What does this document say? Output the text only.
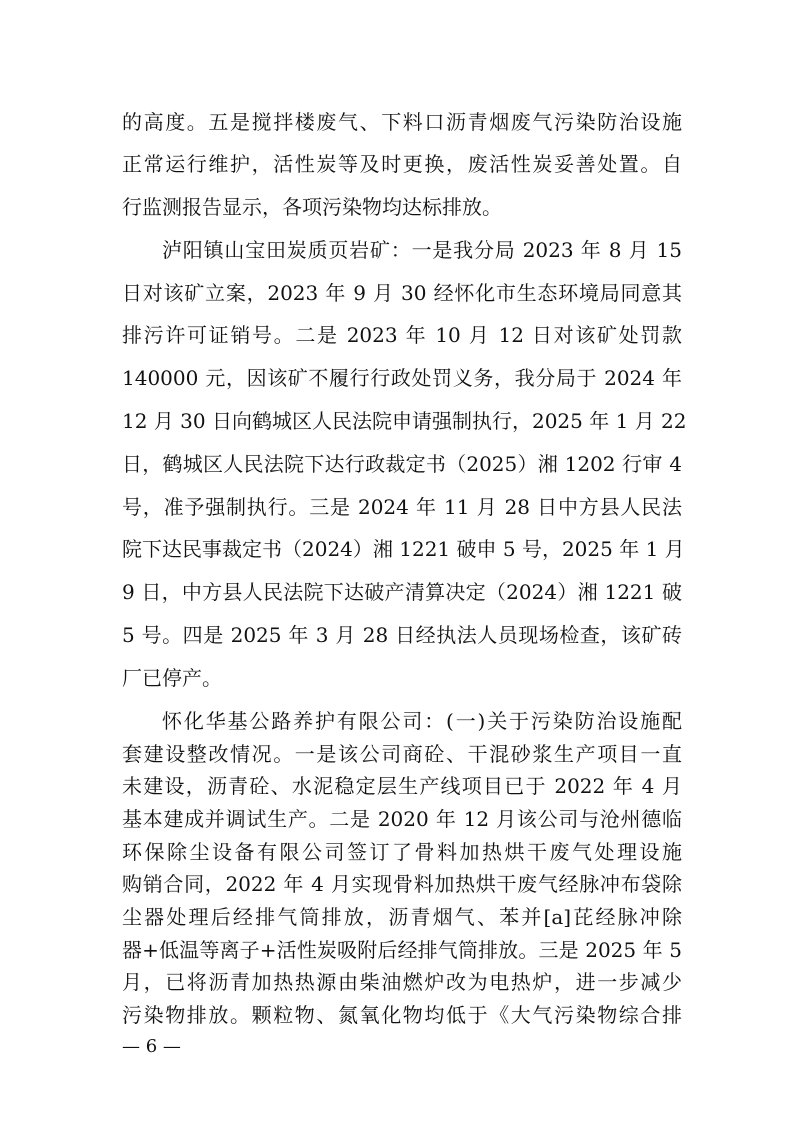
的高度。五是搅拌楼废气、下料口沥青烟废气污染防治设施
正常运行维护，活性炭等及时更换，废活性炭妥善处置。自
行监测报告显示，各项污染物均达标排放。
泸阳镇山宝田炭质页岩矿：一是我分局 2023 年 8 月 15
日对该矿立案，2023 年 9 月 30 经怀化市生态环境局同意其
排污许可证销号。二是 2023 年 10 月 12 日对该矿处罚款
140000 元，因该矿不履行行政处罚义务，我分局于 2024 年
12 月 30 日向鹤城区人民法院申请强制执行，2025 年 1 月 22
日，鹤城区人民法院下达行政裁定书（2025）湘 1202 行审 4
号，准予强制执行。三是 2024 年 11 月 28 日中方县人民法
院下达民事裁定书（2024）湘 1221 破申 5 号，2025 年 1 月
9 日，中方县人民法院下达破产清算决定（2024）湘 1221 破
5 号。四是 2025 年 3 月 28 日经执法人员现场检查，该矿砖
厂已停产。
怀化华基公路养护有限公司：(一)关于污染防治设施配
套建设整改情况。一是该公司商砼、干混砂浆生产项目一直
未建设，沥青砼、水泥稳定层生产线项目已于 2022 年 4 月
基本建成并调试生产。二是 2020 年 12 月该公司与沧州德临
环保除尘设备有限公司签订了骨料加热烘干废气处理设施
购销合同，2022 年 4 月实现骨料加热烘干废气经脉冲布袋除
尘器处理后经排气筒排放，沥青烟气、苯并[a]芘经脉冲除
— 6 —
器+低温等离子+活性炭吸附后经排气筒排放。三是 2025 年 5
月，已将沥青加热热源由柴油燃炉改为电热炉，进一步减少
污染物排放。颗粒物、氮氧化物均低于《大气污染物综合排
